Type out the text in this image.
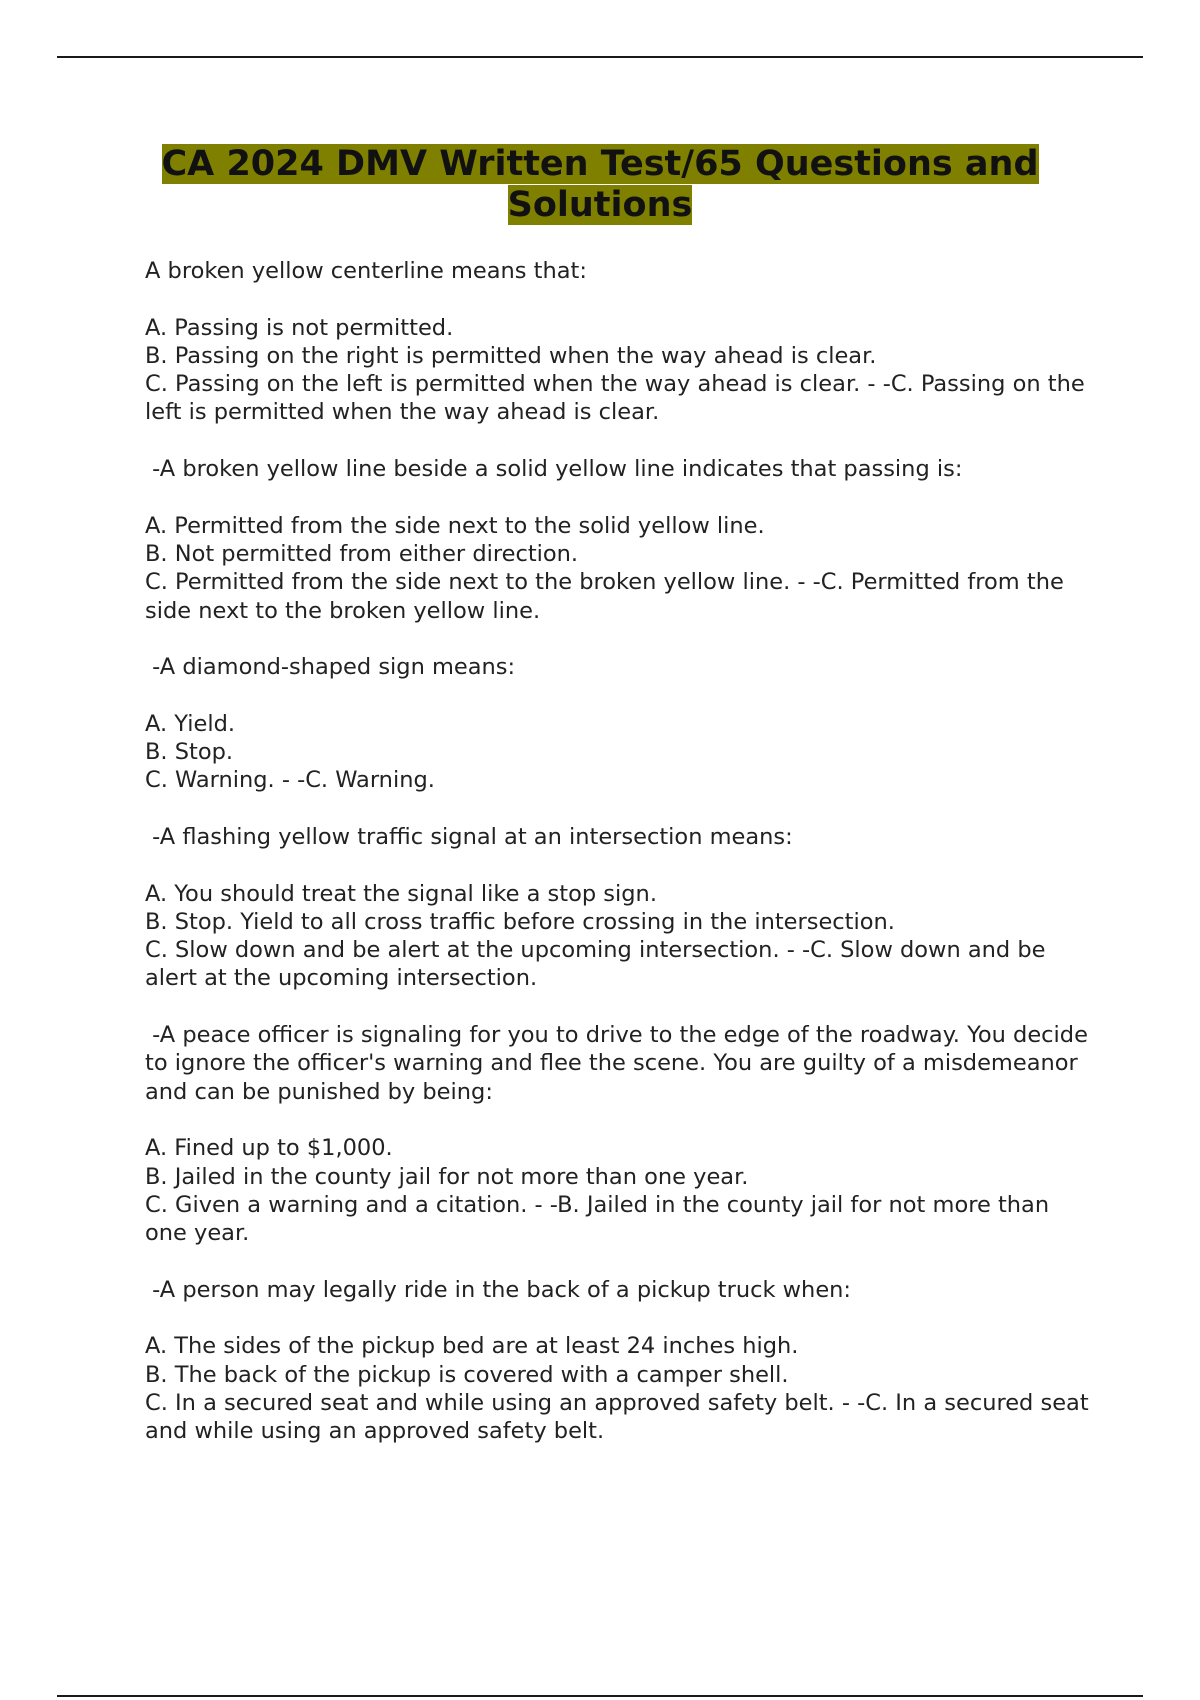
CA 2024 DMV Written Test/65 Questions and Solutions
A broken yellow centerline means that:
A. Passing is not permitted.
B. Passing on the right is permitted when the way ahead is clear.
C. Passing on the left is permitted when the way ahead is clear. - -C. Passing on the left is permitted when the way ahead is clear.
-A broken yellow line beside a solid yellow line indicates that passing is:
A. Permitted from the side next to the solid yellow line.
B. Not permitted from either direction.
C. Permitted from the side next to the broken yellow line. - -C. Permitted from the side next to the broken yellow line.
-A diamond-shaped sign means:
A. Yield.
B. Stop.
C. Warning. - -C. Warning.
-A flashing yellow traffic signal at an intersection means:
A. You should treat the signal like a stop sign.
B. Stop. Yield to all cross traffic before crossing in the intersection.
C. Slow down and be alert at the upcoming intersection. - -C. Slow down and be alert at the upcoming intersection.
-A peace officer is signaling for you to drive to the edge of the roadway. You decide to ignore the officer's warning and flee the scene. You are guilty of a misdemeanor and can be punished by being:
A. Fined up to $1,000.
B. Jailed in the county jail for not more than one year.
C. Given a warning and a citation. - -B. Jailed in the county jail for not more than one year.
-A person may legally ride in the back of a pickup truck when:
A. The sides of the pickup bed are at least 24 inches high.
B. The back of the pickup is covered with a camper shell.
C. In a secured seat and while using an approved safety belt. - -C. In a secured seat and while using an approved safety belt.
